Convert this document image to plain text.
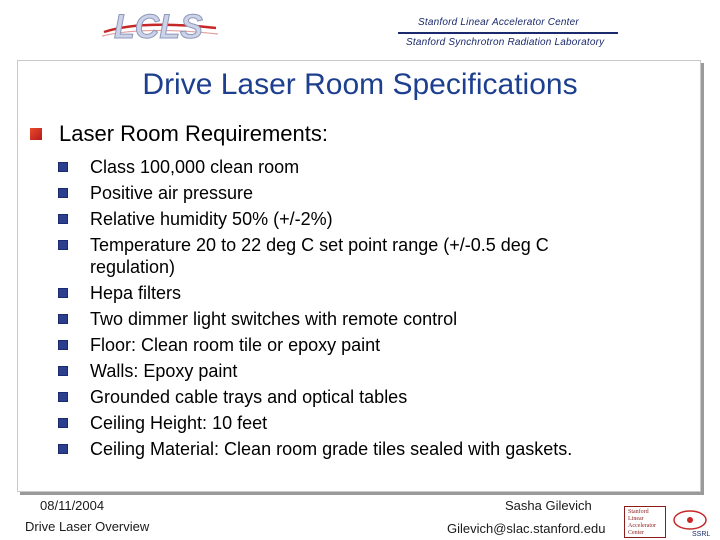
LCLS	Stanford Linear Accelerator Center
Stanford Synchrotron Radiation Laboratory
Drive Laser Room Specifications
Laser Room Requirements:
Class 100,000 clean room
Positive air pressure
Relative humidity 50% (+/-2%)
Temperature 20 to 22 deg C set point range (+/-0.5 deg C regulation)
Hepa filters
Two dimmer light switches with remote control
Floor: Clean room tile or epoxy paint
Walls: Epoxy paint
Grounded cable trays and optical tables
Ceiling Height: 10 feet
Ceiling Material: Clean room grade tiles sealed with gaskets.
08/11/2004
Drive Laser Overview
Sasha Gilevich
Gilevich@slac.stanford.edu
Stanford Linear Accelerator Center	SSRL
